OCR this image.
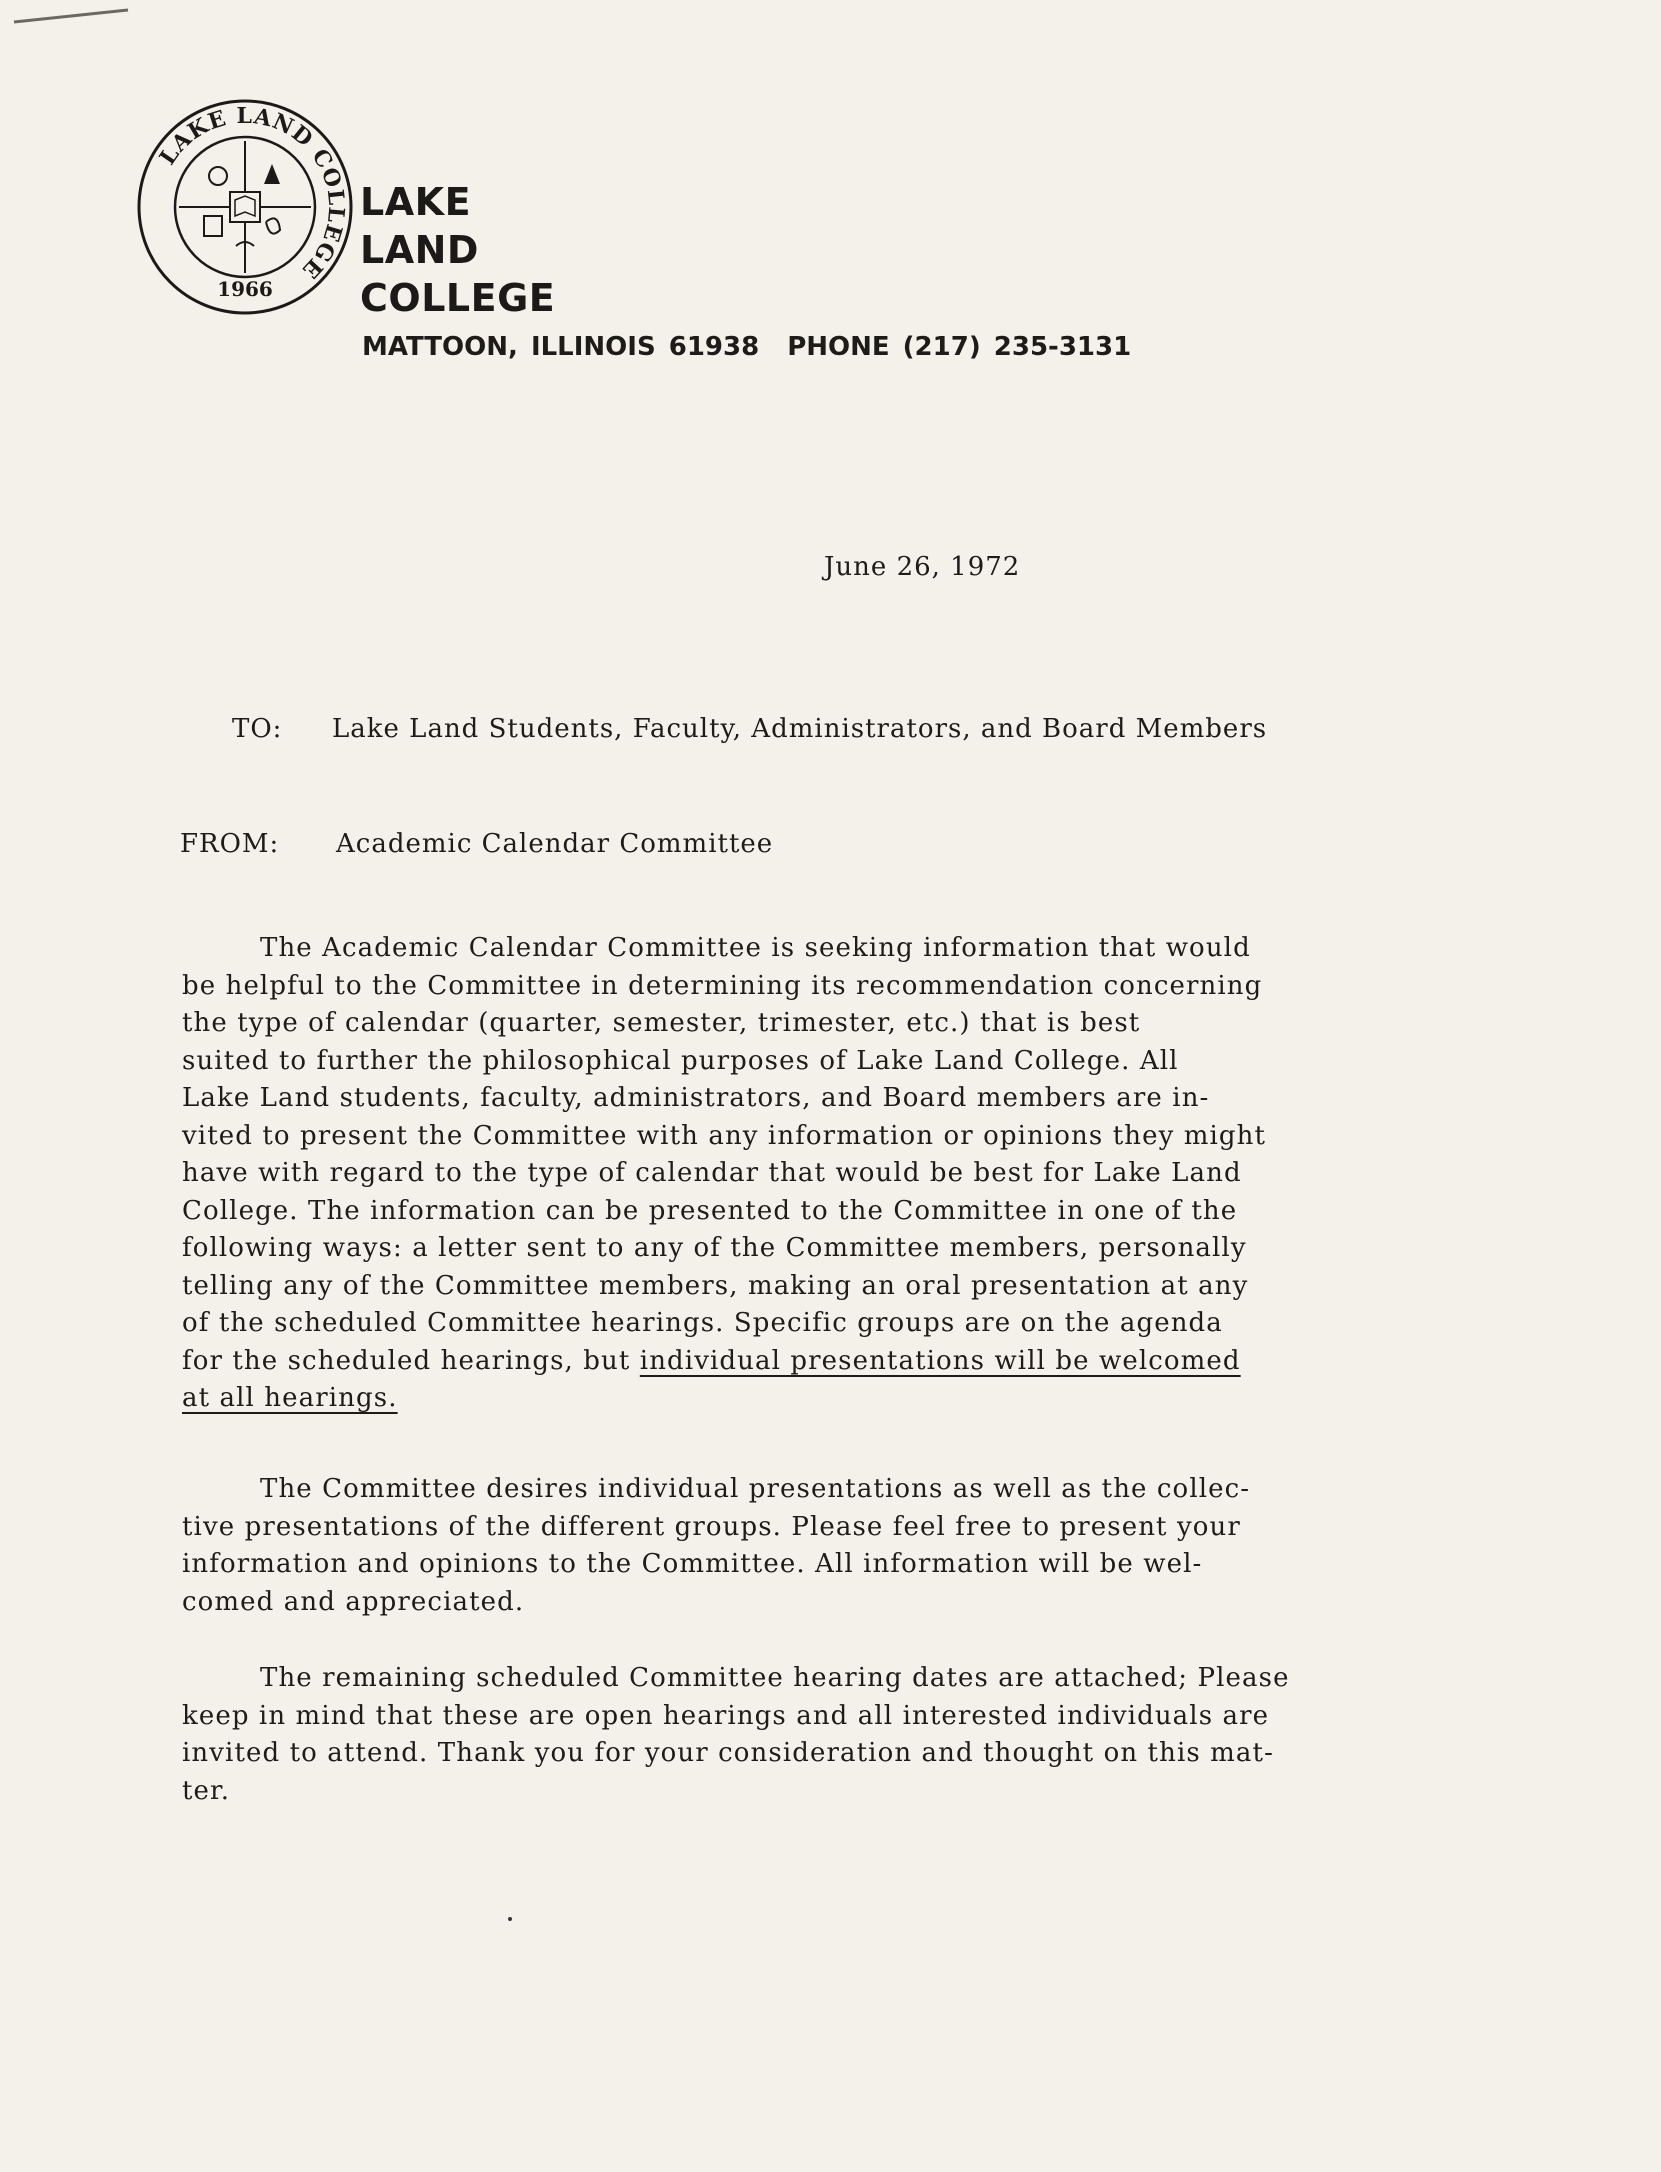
LAKE LAND COLLEGE
1966
LAKE
LAND
COLLEGE
MATTOON, ILLINOIS 61938 PHONE (217) 235-3131
June 26, 1972
TO: Lake Land Students, Faculty, Administrators, and Board Members
FROM: Academic Calendar Committee
The Academic Calendar Committee is seeking information that would
be helpful to the Committee in determining its recommendation concerning
the type of calendar (quarter, semester, trimester, etc.) that is best
suited to further the philosophical purposes of Lake Land College. All
Lake Land students, faculty, administrators, and Board members are in-
vited to present the Committee with any information or opinions they might
have with regard to the type of calendar that would be best for Lake Land
College. The information can be presented to the Committee in one of the
following ways: a letter sent to any of the Committee members, personally
telling any of the Committee members, making an oral presentation at any
of the scheduled Committee hearings. Specific groups are on the agenda
for the scheduled hearings, but individual presentations will be welcomed
at all hearings.
The Committee desires individual presentations as well as the collec-
tive presentations of the different groups. Please feel free to present your
information and opinions to the Committee. All information will be wel-
comed and appreciated.
The remaining scheduled Committee hearing dates are attached; Please
keep in mind that these are open hearings and all interested individuals are
invited to attend. Thank you for your consideration and thought on this mat-
ter.
